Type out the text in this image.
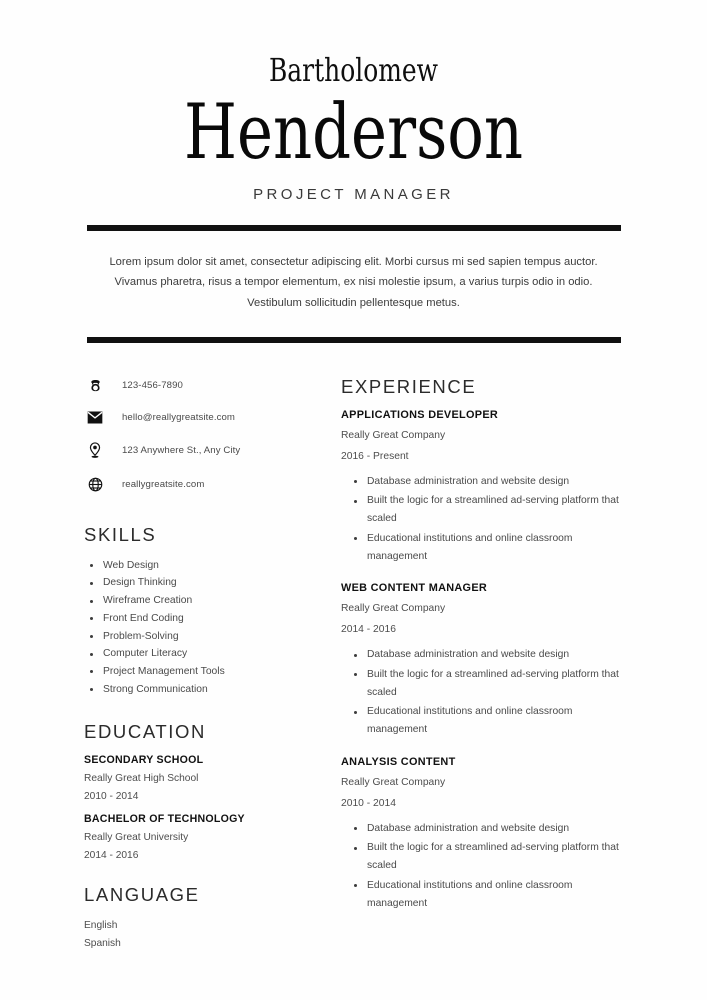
Bartholomew
Henderson
PROJECT MANAGER
Lorem ipsum dolor sit amet, consectetur adipiscing elit. Morbi cursus mi sed sapien tempus auctor. Vivamus pharetra, risus a tempor elementum, ex nisi molestie ipsum, a varius turpis odio in odio. Vestibulum sollicitudin pellentesque metus.
123-456-7890
hello@reallygreatsite.com
123 Anywhere St., Any City
reallygreatsite.com
SKILLS
Web Design
Design Thinking
Wireframe Creation
Front End Coding
Problem-Solving
Computer Literacy
Project Management Tools
Strong Communication
EDUCATION
SECONDARY SCHOOL
Really Great High School
2010 - 2014
BACHELOR OF TECHNOLOGY
Really Great University
2014 - 2016
LANGUAGE
English
Spanish
EXPERIENCE
APPLICATIONS DEVELOPER
Really Great Company
2016 - Present
Database administration and website design
Built the logic for a streamlined ad-serving platform that scaled
Educational institutions and online classroom management
WEB CONTENT MANAGER
Really Great Company
2014 - 2016
Database administration and website design
Built the logic for a streamlined ad-serving platform that scaled
Educational institutions and online classroom management
ANALYSIS CONTENT
Really Great Company
2010 - 2014
Database administration and website design
Built the logic for a streamlined ad-serving platform that scaled
Educational institutions and online classroom management
